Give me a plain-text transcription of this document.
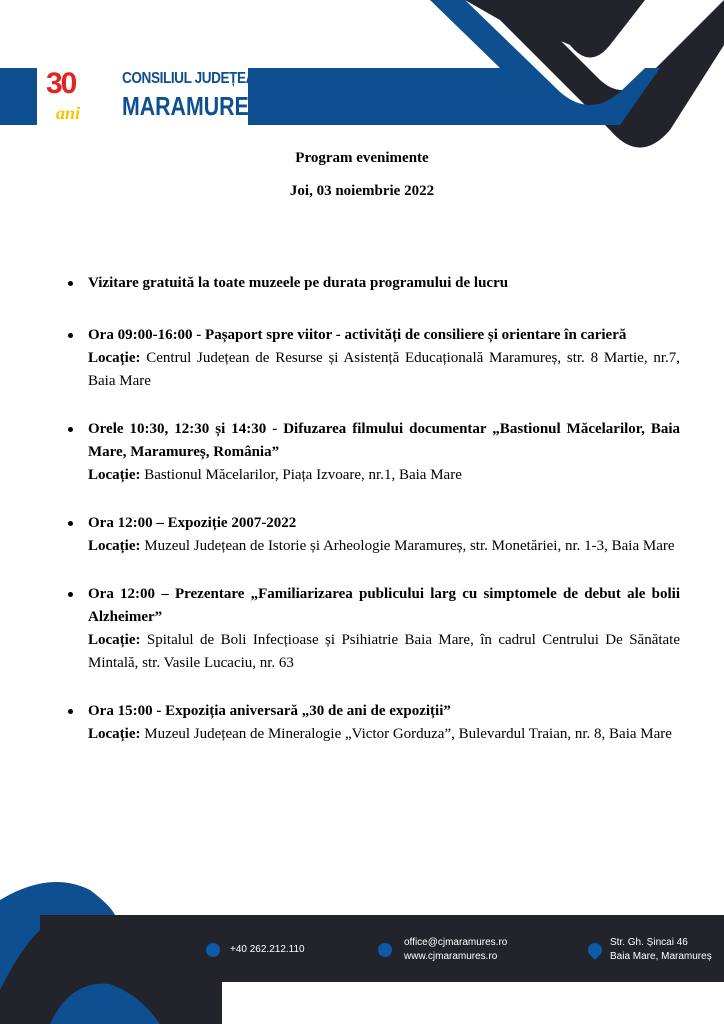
+40 262.212.110
office@cjmaramures.ro
www.cjmaramures.ro
Str. Gh. Șincai 46
Baia Mare, Maramureș
30
ani
CONSILIUL JUDEȚEAN
MARAMUREȘ
Program evenimente
Joi, 03 noiembrie 2022
Vizitare gratuită la toate muzeele pe durata programului de lucru
Ora 09:00-16:00 - Pașaport spre viitor - activități de consiliere și orientare în carieră
Locație: Centrul Județean de Resurse și Asistență Educațională Maramureș, str. 8 Martie, nr.7, Baia Mare
Orele 10:30, 12:30 și 14:30 - Difuzarea filmului documentar „Bastionul Măcelarilor, Baia Mare, Maramureș, România”
Locație: Bastionul Măcelarilor, Piața Izvoare, nr.1, Baia Mare
Ora 12:00 – Expoziție 2007-2022
Locație: Muzeul Județean de Istorie și Arheologie Maramureș, str. Monetăriei, nr. 1-3, Baia Mare
Ora 12:00 – Prezentare „Familiarizarea publicului larg cu simptomele de debut ale bolii Alzheimer”
Locație: Spitalul de Boli Infecțioase și Psihiatrie Baia Mare, în cadrul Centrului De Sănătate Mintală, str. Vasile Lucaciu, nr. 63
Ora 15:00 - Expoziția aniversară „30 de ani de expoziții”
Locație: Muzeul Județean de Mineralogie „Victor Gorduza”, Bulevardul Traian, nr. 8, Baia Mare
